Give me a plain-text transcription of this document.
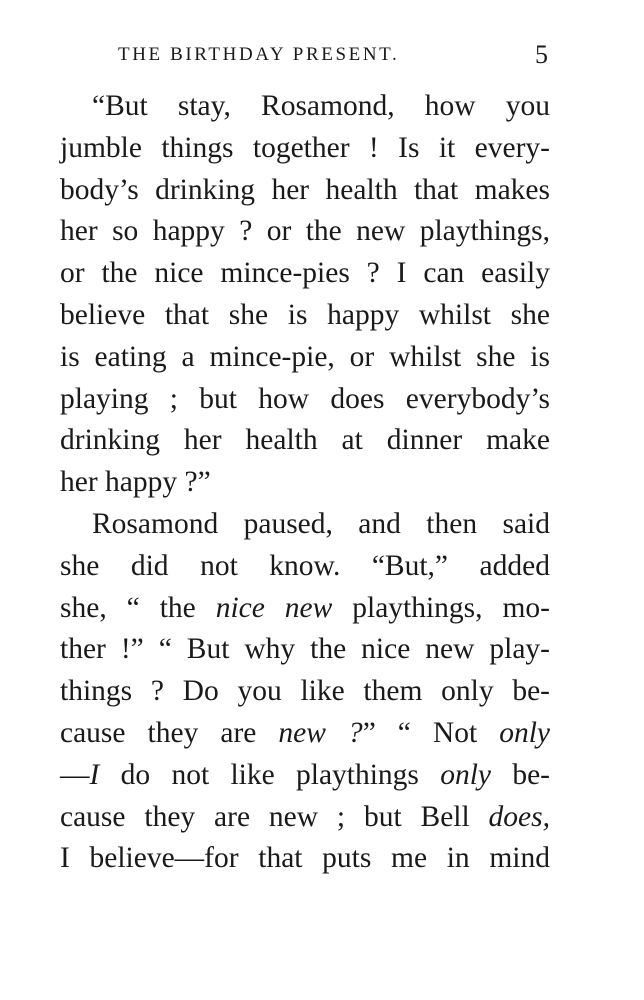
THE BIRTHDAY PRESENT.	5
“But stay, Rosamond, how you
jumble things together ! Is it every-
body’s drinking her health that makes
her so happy ? or the new playthings,
or the nice mince-pies ? I can easily
believe that she is happy whilst she
is eating a mince-pie, or whilst she is
playing ; but how does everybody’s
drinking her health at dinner make
her happy ?”
Rosamond paused, and then said
she did not know. “But,” added
she, “ the nice new playthings, mo-
ther !” “ But why the nice new play-
things ? Do you like them only be-
cause they are new ?” “ Not only
—I do not like playthings only be-
cause they are new ; but Bell does,
I believe—for that puts me in mind
